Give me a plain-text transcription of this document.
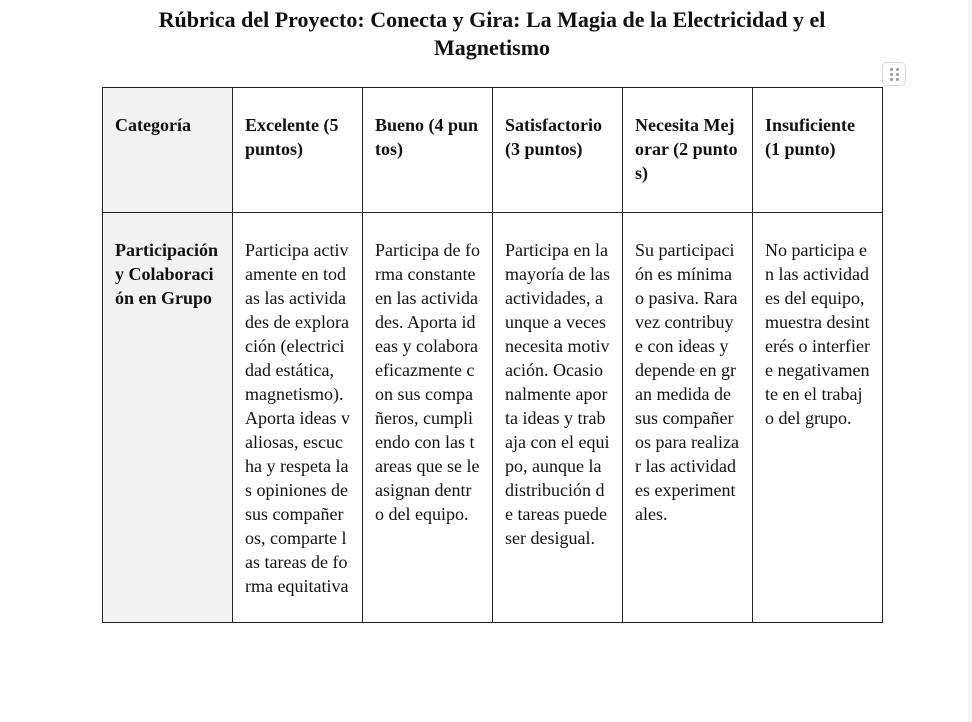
Rúbrica del Proyecto: Conecta y Gira: La Magia de la Electricidad y el Magnetismo
Categoría	Excelente (5 puntos)	Bueno (4 puntos)	Satisfactorio (3 puntos)	Necesita Mejorar (2 puntos)	Insuficiente (1 punto)
Participación y Colaboración en Grupo	Participa activamente en todas las actividades de exploración (electricidad estática, magnetismo). Aporta ideas valiosas, escucha y respeta las opiniones de sus compañeros, comparte las tareas de forma equitativa	Participa de forma constante en las actividades. Aporta ideas y colabora eficazmente con sus compañeros, cumpliendo con las tareas que se le asignan dentro del equipo.	Participa en la mayoría de las actividades, aunque a veces necesita motivación. Ocasionalmente aporta ideas y trabaja con el equipo, aunque la distribución de tareas puede ser desigual.	Su participación es mínima o pasiva. Rara vez contribuye con ideas y depende en gran medida de sus compañeros para realizar las actividades experimentales.	No participa en las actividades del equipo, muestra desinterés o interfiere negativamente en el trabajo del grupo.
